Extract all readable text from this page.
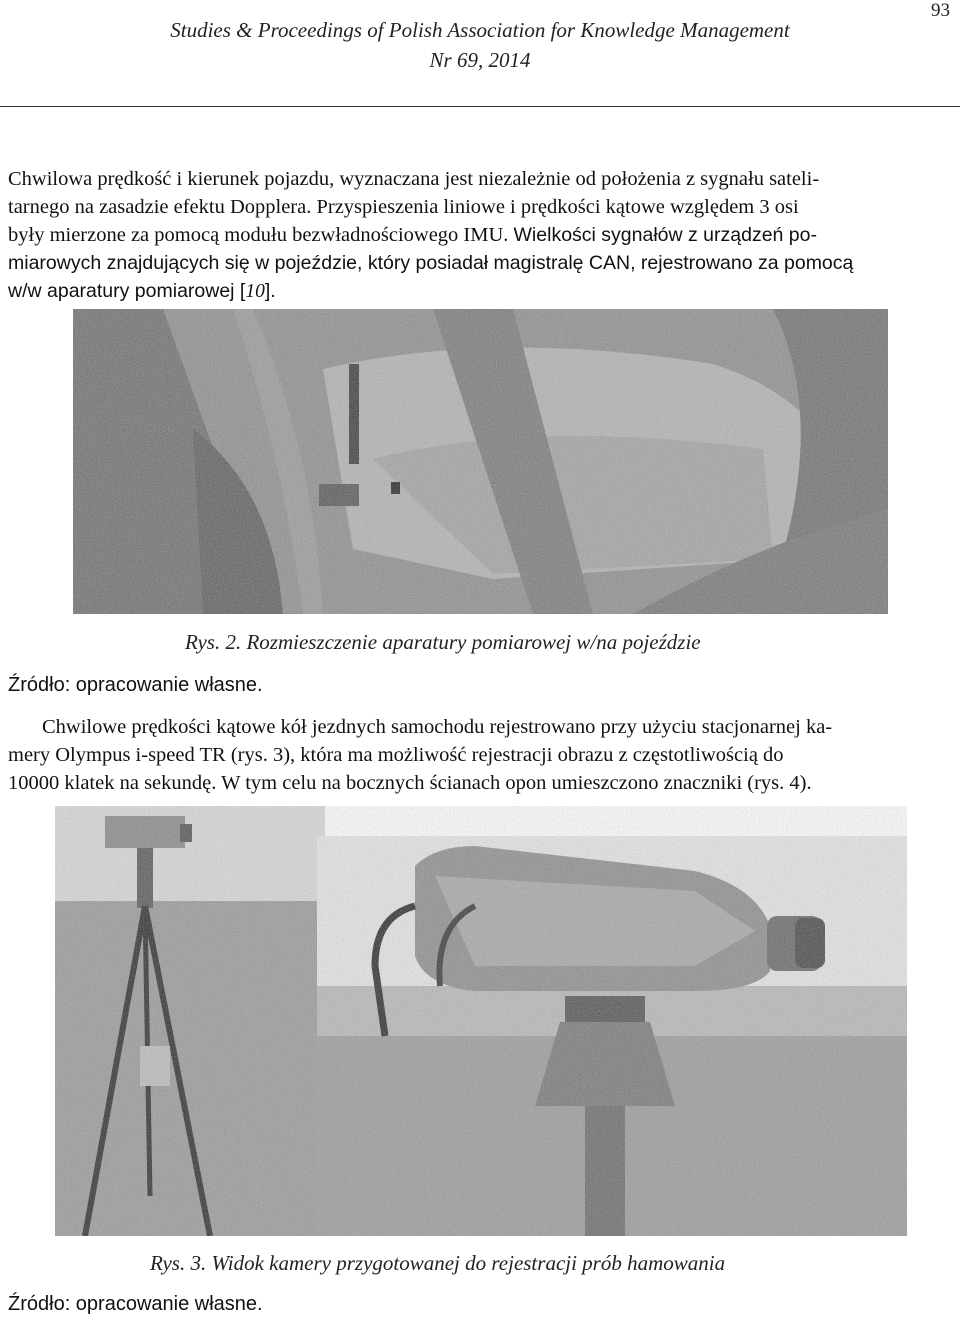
Studies & Proceedings of Polish Association for Knowledge Management
Nr 69, 2014
93
Chwilowa prędkość i kierunek pojazdu, wyznaczana jest niezależnie od położenia z sygnału sateli-
tarnego na zasadzie efektu Dopplera. Przyspieszenia liniowe i prędkości kątowe względem 3 osi
były mierzone za pomocą modułu bezwładnościowego IMU. Wielkości sygnałów z urządzeń po-
miarowych znajdujących się w pojeździe, który posiadał magistralę CAN, rejestrowano za pomocą
w/w aparatury pomiarowej [10].
Rys. 2. Rozmieszczenie aparatury pomiarowej w/na pojeździe
Źródło: opracowanie własne.
Chwilowe prędkości kątowe kół jezdnych samochodu rejestrowano przy użyciu stacjonarnej ka-
mery Olympus i-speed TR (rys. 3), która ma możliwość rejestracji obrazu z częstotliwością do
10000 klatek na sekundę. W tym celu na bocznych ścianach opon umieszczono znaczniki (rys. 4).
Rys. 3. Widok kamery przygotowanej do rejestracji prób hamowania
Źródło: opracowanie własne.
